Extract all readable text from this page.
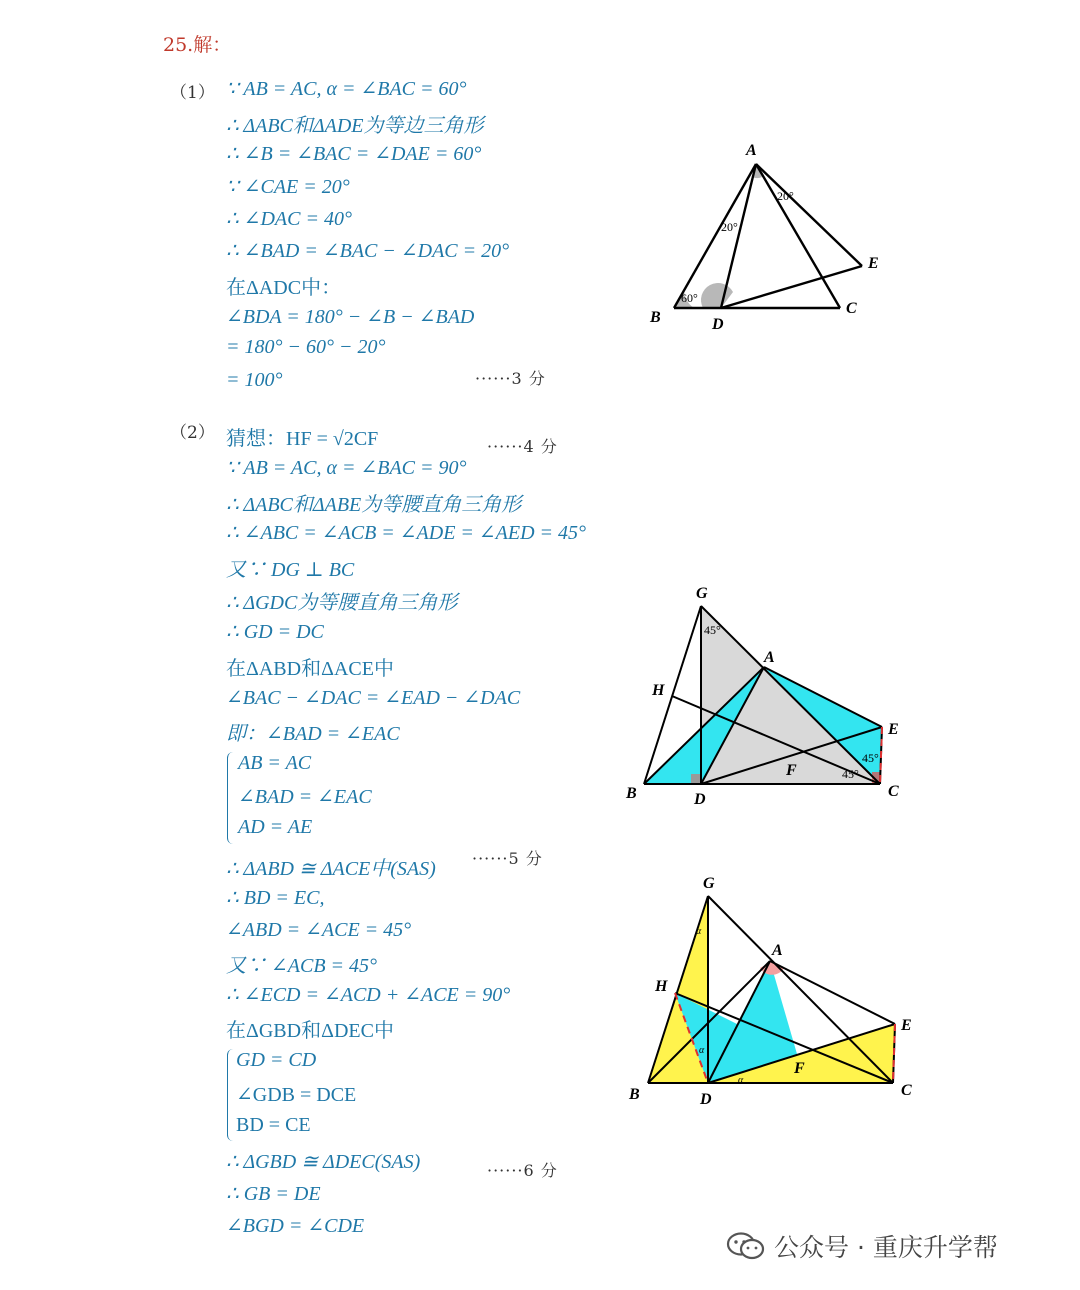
25.解：
（1） ∵ AB = AC, α = ∠BAC = 60°
∴ ΔABC和ΔADE为等边三角形
∴ ∠B = ∠BAC = ∠DAE = 60°
∵ ∠CAE = 20°
∴ ∠DAC = 40°
∴ ∠BAD = ∠BAC − ∠DAC = 20°
在ΔADC中：
∠BDA = 180° − ∠B − ∠BAD
= 180° − 60° − 20°
= 100°	······3 分
（2） 猜想：HF = √2CF	······4 分
∵ AB = AC, α = ∠BAC = 90°
∴ ΔABC和ΔABE为等腰直角三角形
∴ ∠ABC = ∠ACB = ∠ADE = ∠AED = 45°
又∵ DG ⊥ BC
∴ ΔGDC为等腰直角三角形
∴ GD = DC
在ΔABD和ΔACE中
∠BAC − ∠DAC = ∠EAD − ∠DAC
即：∠BAD = ∠EAC
AB = AC
∠BAD = ∠EAC
AD = AE
∴ ΔABD ≅ ΔACE中(SAS) ······5 分
∴ BD = EC,
∠ABD = ∠ACE = 45°
又∵ ∠ACB = 45°
∴ ∠ECD = ∠ACD + ∠ACE = 90°
在ΔGBD和ΔDEC中
GD = CD
∠GDB = DCE
BD = CE
∴ ΔGBD ≅ ΔDEC(SAS)	······6 分
∴ GB = DE
∠BGD = ∠CDE
A
B
C
D
E
60°
20°
20°
G
A
H
E
F
B	D	C
45°
45°
45°
G
A
H
E
F
B	D
C
α
α
α
公众号 · 重庆升学帮
